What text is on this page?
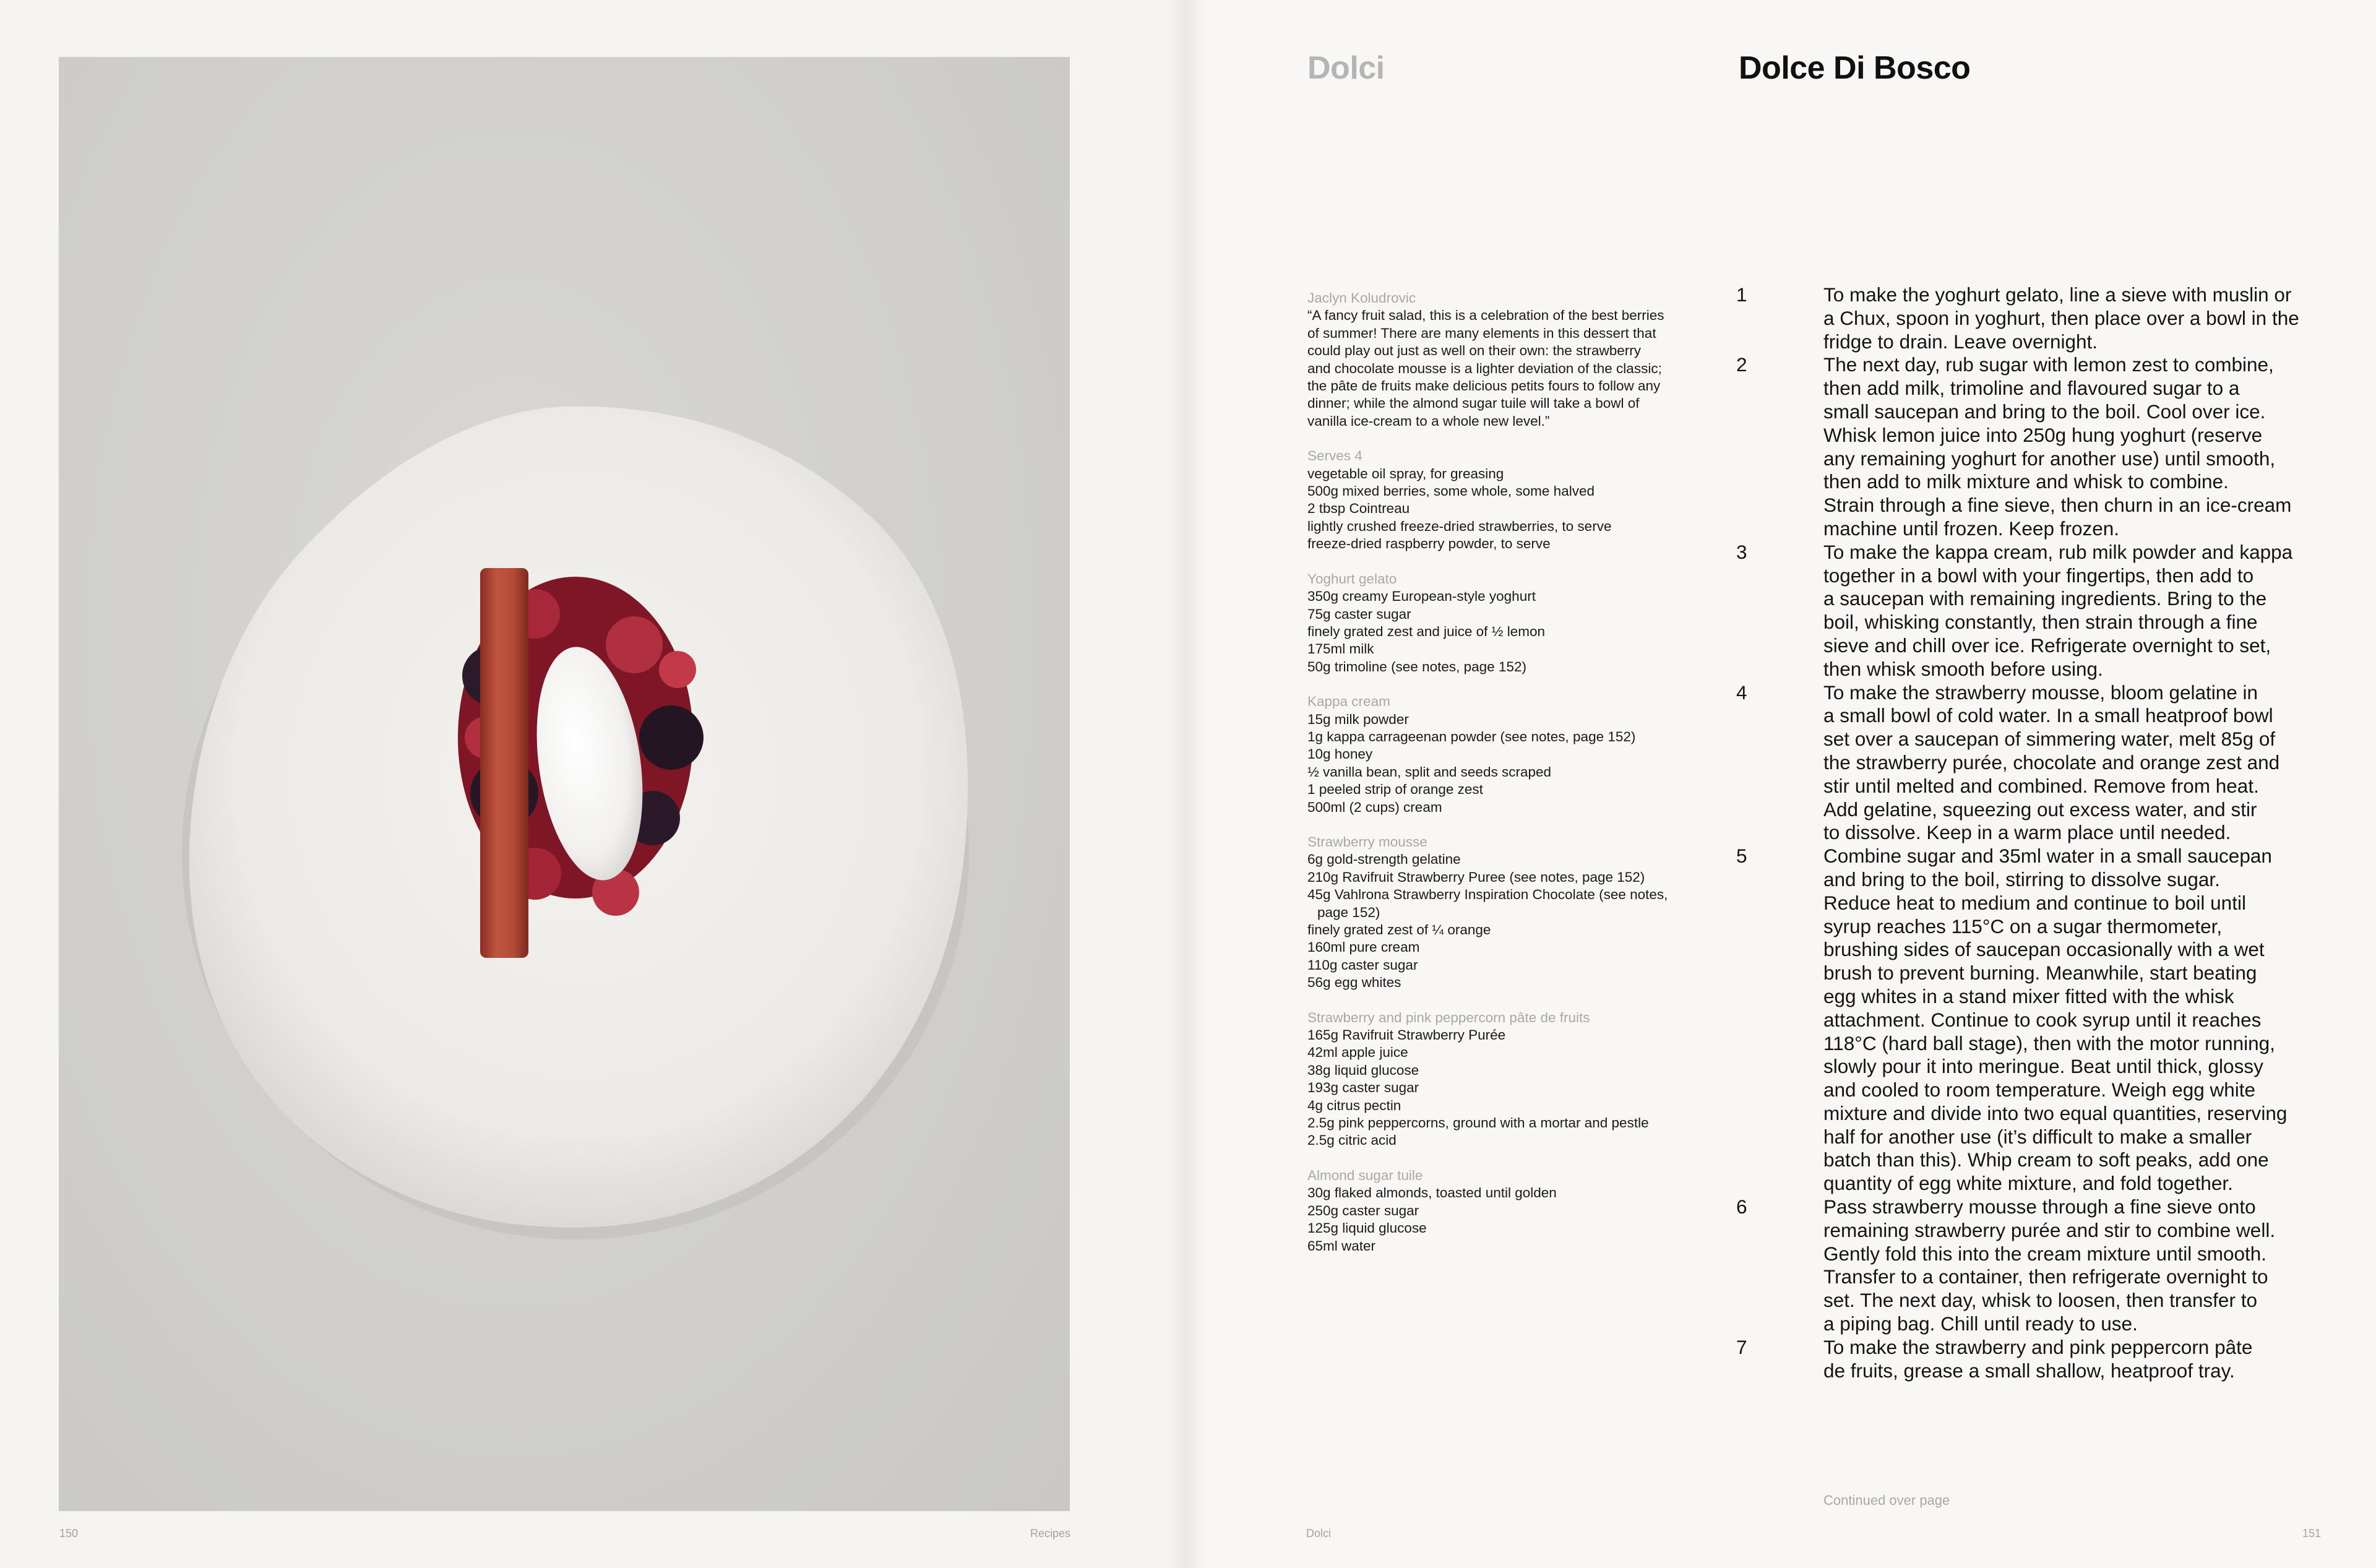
150	Recipes
Dolci	Dolce Di Bosco

Jaclyn Koludrovic

“A fancy fruit salad, this is a celebration of the best berries

of summer! There are many elements in this dessert that

could play out just as well on their own: the strawberry

and chocolate mousse is a lighter deviation of the classic;

the pâte de fruits make delicious petits fours to follow any

dinner; while the almond sugar tuile will take a bowl of

vanilla ice-cream to a whole new level.”

Serves 4

vegetable oil spray, for greasing

500g mixed berries, some whole, some halved

2 tbsp Cointreau

lightly crushed freeze-dried strawberries, to serve

freeze-dried raspberry powder, to serve

Yoghurt gelato

350g creamy European-style yoghurt

75g caster sugar

finely grated zest and juice of ½ lemon

175ml milk

50g trimoline (see notes, page 152)

Kappa cream

15g milk powder

1g kappa carrageenan powder (see notes, page 152)

10g honey

½ vanilla bean, split and seeds scraped

1 peeled strip of orange zest

500ml (2 cups) cream

Strawberry mousse

6g gold-strength gelatine

210g Ravifruit Strawberry Puree (see notes, page 152)

45g Vahlrona Strawberry Inspiration Chocolate (see notes,

page 152)

finely grated zest of ¼ orange

160ml pure cream

110g caster sugar

56g egg whites

Strawberry and pink peppercorn pâte de fruits

165g Ravifruit Strawberry Purée

42ml apple juice

38g liquid glucose

193g caster sugar

4g citrus pectin

2.5g pink peppercorns, ground with a mortar and pestle

2.5g citric acid

Almond sugar tuile

30g flaked almonds, toasted until golden

250g caster sugar

125g liquid glucose

65ml water

1	To make the yoghurt gelato, line a sieve with muslin or
a Chux, spoon in yoghurt, then place over a bowl in the
fridge to drain. Leave overnight.
2	The next day, rub sugar with lemon zest to combine,
then add milk, trimoline and flavoured sugar to a
small saucepan and bring to the boil. Cool over ice.
Whisk lemon juice into 250g hung yoghurt (reserve
any remaining yoghurt for another use) until smooth,
then add to milk mixture and whisk to combine.
Strain through a fine sieve, then churn in an ice-cream
machine until frozen. Keep frozen.
3	To make the kappa cream, rub milk powder and kappa
together in a bowl with your fingertips, then add to
a saucepan with remaining ingredients. Bring to the
boil, whisking constantly, then strain through a fine
sieve and chill over ice. Refrigerate overnight to set,
then whisk smooth before using.
4	To make the strawberry mousse, bloom gelatine in
a small bowl of cold water. In a small heatproof bowl
set over a saucepan of simmering water, melt 85g of
the strawberry purée, chocolate and orange zest and
stir until melted and combined. Remove from heat.
Add gelatine, squeezing out excess water, and stir
to dissolve. Keep in a warm place until needed.
5	Combine sugar and 35ml water in a small saucepan
and bring to the boil, stirring to dissolve sugar.
Reduce heat to medium and continue to boil until
syrup reaches 115°C on a sugar thermometer,
brushing sides of saucepan occasionally with a wet
brush to prevent burning. Meanwhile, start beating
egg whites in a stand mixer fitted with the whisk
attachment. Continue to cook syrup until it reaches
118°C (hard ball stage), then with the motor running,
slowly pour it into meringue. Beat until thick, glossy
and cooled to room temperature. Weigh egg white
mixture and divide into two equal quantities, reserving
half for another use (it’s difficult to make a smaller
batch than this). Whip cream to soft peaks, add one
quantity of egg white mixture, and fold together.
6	Pass strawberry mousse through a fine sieve onto
remaining strawberry purée and stir to combine well.
Gently fold this into the cream mixture until smooth.
Transfer to a container, then refrigerate overnight to
set. The next day, whisk to loosen, then transfer to
a piping bag. Chill until ready to use.
7	To make the strawberry and pink peppercorn pâte
de fruits, grease a small shallow, heatproof tray.
Continued over page
Dolci	151
